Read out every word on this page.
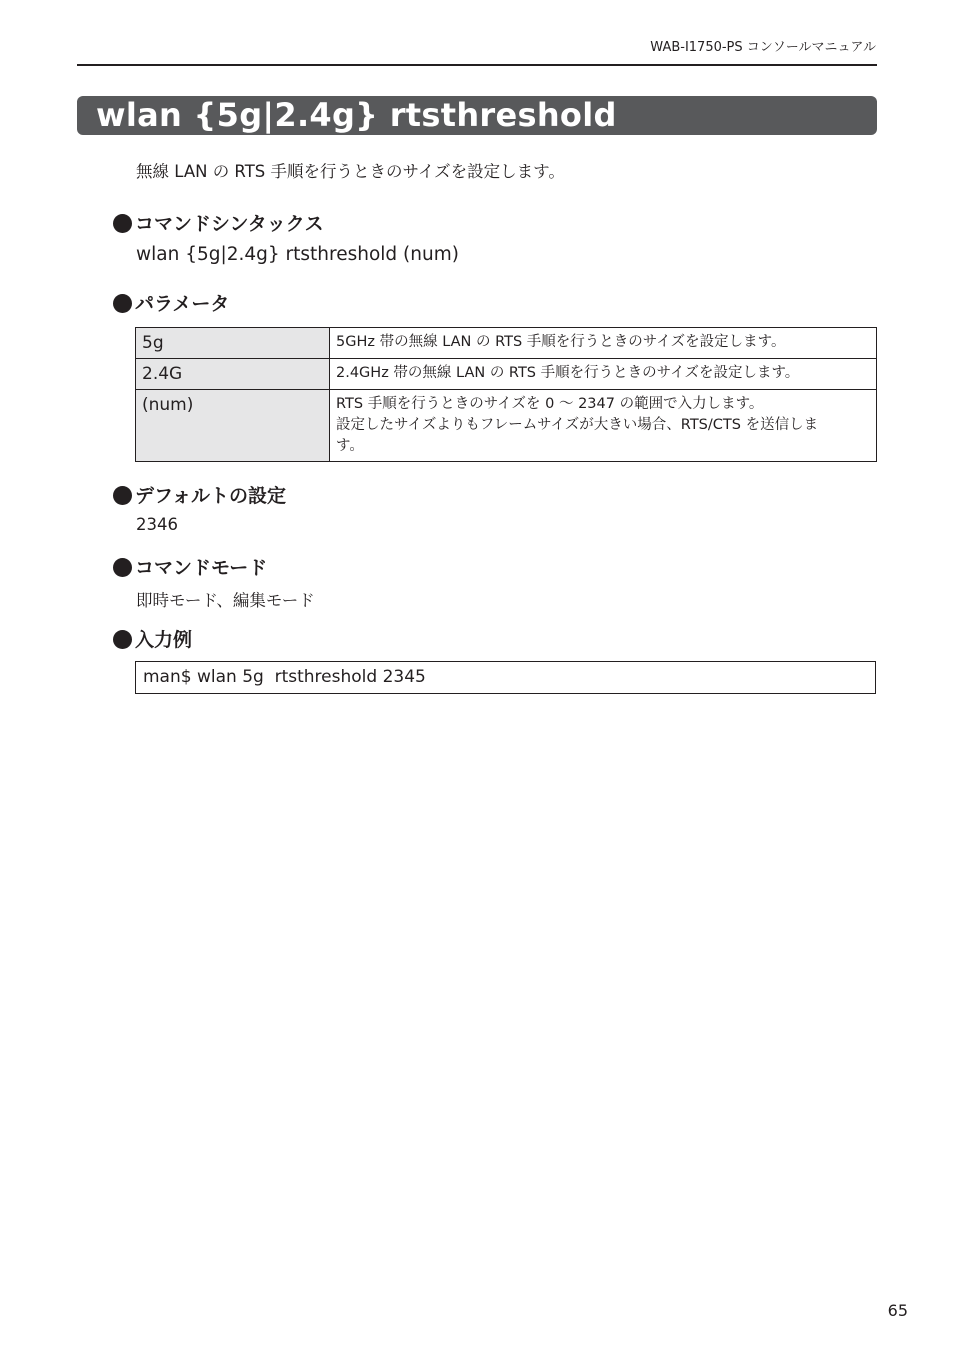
WAB-I1750-PS コンソールマニュアル
wlan {5g|2.4g} rtsthreshold
無線 LAN の RTS 手順を行うときのサイズを設定します。
コマンドシンタックス
wlan {5g|2.4g} rtsthreshold (num)
パラメータ
5g	5GHz 帯の無線 LAN の RTS 手順を行うときのサイズを設定します。

2.4G	2.4GHz 帯の無線 LAN の RTS 手順を行うときのサイズを設定します。

(num)	RTS 手順を行うときのサイズを 0 ～ 2347 の範囲で入力します。
設定したサイズよりもフレームサイズが大きい場合、RTS/CTS を送信しま
す。
デフォルトの設定
2346
コマンドモード
即時モード、編集モード
入力例
man$ wlan 5g  rtsthreshold 2345
65
